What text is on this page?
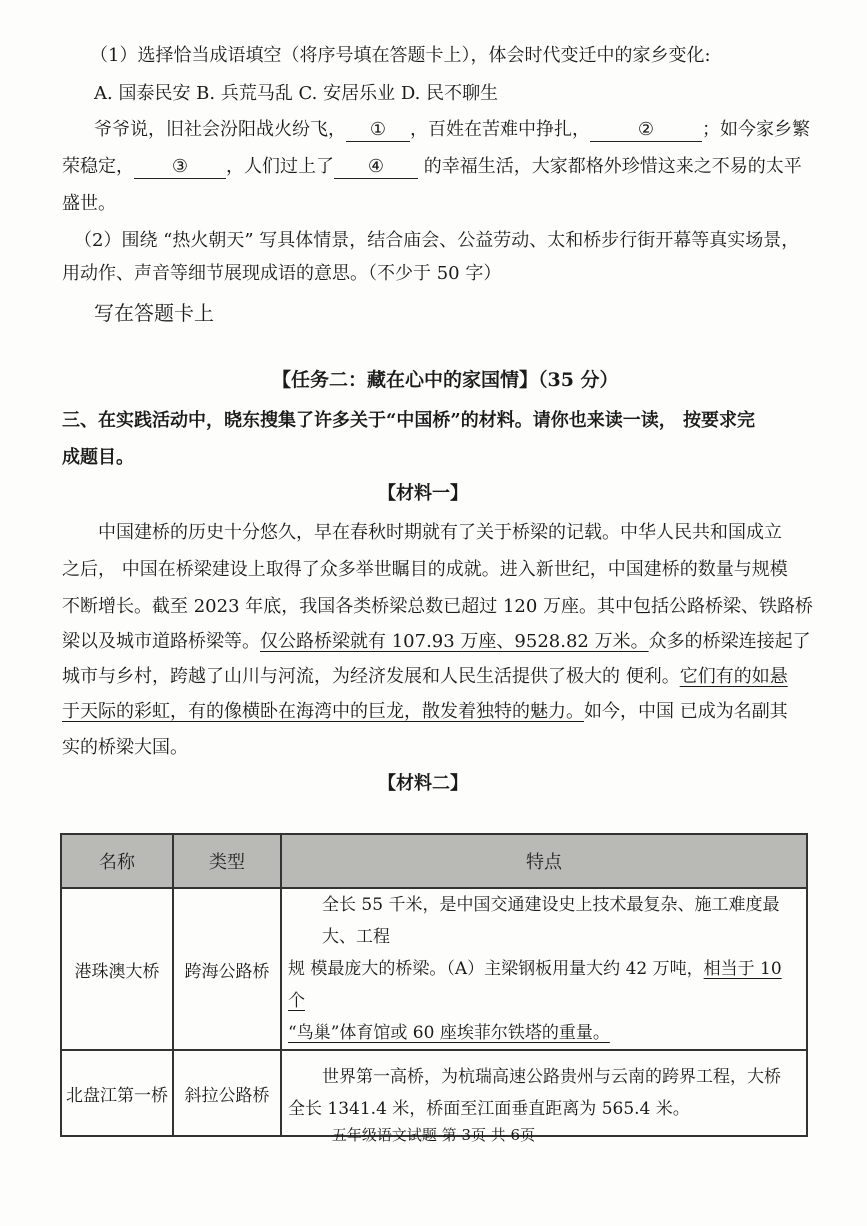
（1）选择恰当成语填空（将序号填在答题卡上），体会时代变迁中的家乡变化:
A. 国泰民安 B. 兵荒马乱 C. 安居乐业 D. 民不聊生
爷爷说，旧社会汾阳战火纷飞， ① ，百姓在苦难中挣扎，	②	；如今家乡繁
荣稳定， ③ ，人们过上了 ④ 的幸福生活，大家都格外珍惜这来之不易的太平
盛世。
（2）围绕 “热火朝天” 写具体情景，结合庙会、公益劳动、太和桥步行街开幕等真实场景，
用动作、声音等细节展现成语的意思。（不少于 50 字）
写在答题卡上
【任务二：藏在心中的家国情】（35 分）
三、在实践活动中，晓东搜集了许多关于“中国桥”的材料。请你也来读一读， 按要求完
成题目。
【材料一】
中国建桥的历史十分悠久，早在春秋时期就有了关于桥梁的记载。中华人民共和国成立
之后， 中国在桥梁建设上取得了众多举世瞩目的成就。进入新世纪，中国建桥的数量与规模
不断增长。截至 2023 年底，我国各类桥梁总数已超过 120 万座。其中包括公路桥梁、铁路桥
梁以及城市道路桥梁等。仅公路桥梁就有 107.93 万座、9528.82 万米。众多的桥梁连接起了
城市与乡村，跨越了山川与河流，为经济发展和人民生活提供了极大的 便利。它们有的如悬
于天际的彩虹，有的像横卧在海湾中的巨龙，散发着独特的魅力。如今，中国 已成为名副其
实的桥梁大国。
【材料二】
名称	类型	特点
港珠澳大桥	跨海公路桥	全长 55 千米，是中国交通建设史上技术最复杂、施工难度最大、工程
规 模最庞大的桥梁。（A）主梁钢板用量大约 42 万吨，相当于 10 个
“鸟巢”体育馆或 60 座埃菲尔铁塔的重量。

北盘江第一桥	斜拉公路桥	世界第一高桥，为杭瑞高速公路贵州与云南的跨界工程，大桥
全长 1341.4 米，桥面至江面垂直距离为 565.4 米。
五年级语文试题 第 3页 共 6页
